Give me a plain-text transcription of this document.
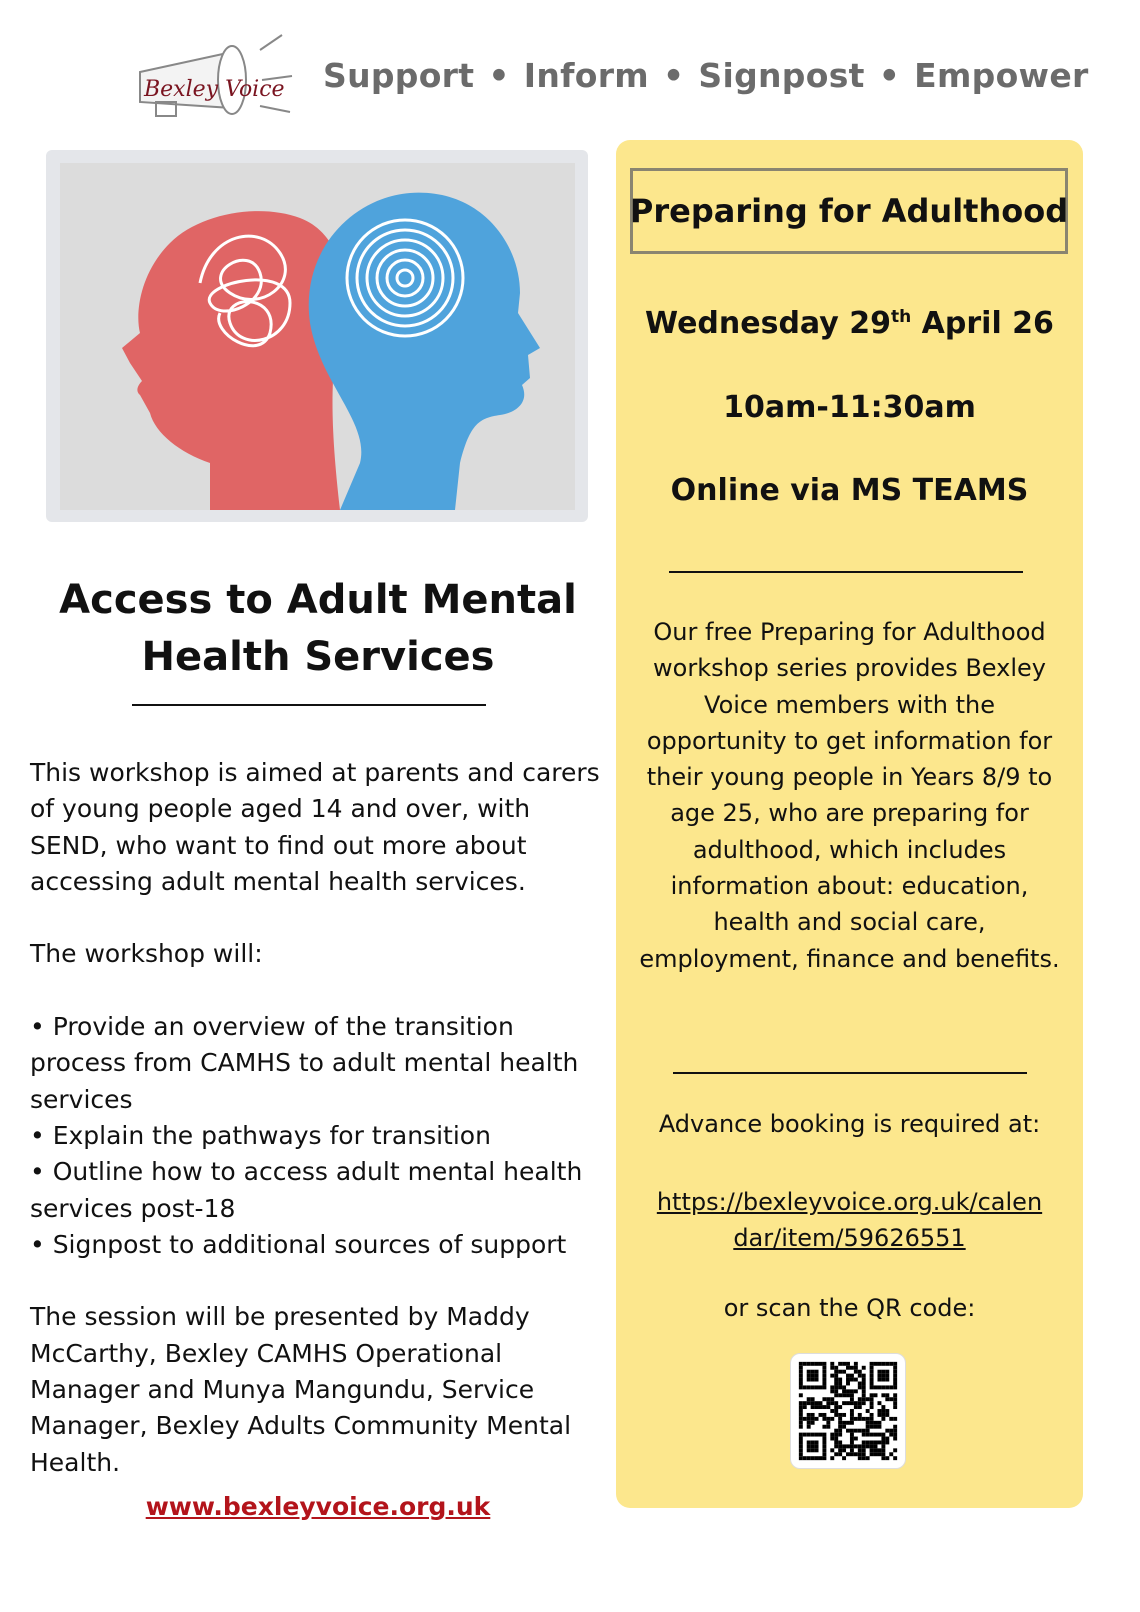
Bexley Voice Support • Inform • Signpost • Empower
Access to Adult Mental
Health Services

This workshop is aimed at parents and carers of young people aged 14 and over, with SEND, who want to find out more about accessing adult mental health services.

The workshop will:

• Provide an overview of the transition process from CAMHS to adult mental health services

• Explain the pathways for transition

• Outline how to access adult mental health services post-18

• Signpost to additional sources of support

The session will be presented by Maddy McCarthy, Bexley CAMHS Operational Manager and Munya Mangundu, Service Manager, Bexley Adults Community Mental Health.

www.bexleyvoice.org.uk
Preparing for Adulthood
Wednesday 29th April 26
10am-11:30am
Online via MS TEAMS
Our free Preparing for Adulthood workshop series provides Bexley Voice members with the opportunity to get information for their young people in Years 8/9 to age 25, who are preparing for adulthood, which includes information about: education, health and social care, employment, finance and benefits.
Advance booking is required at:
https://bexleyvoice.org.uk/calen
dar/item/59626551
or scan the QR code:
